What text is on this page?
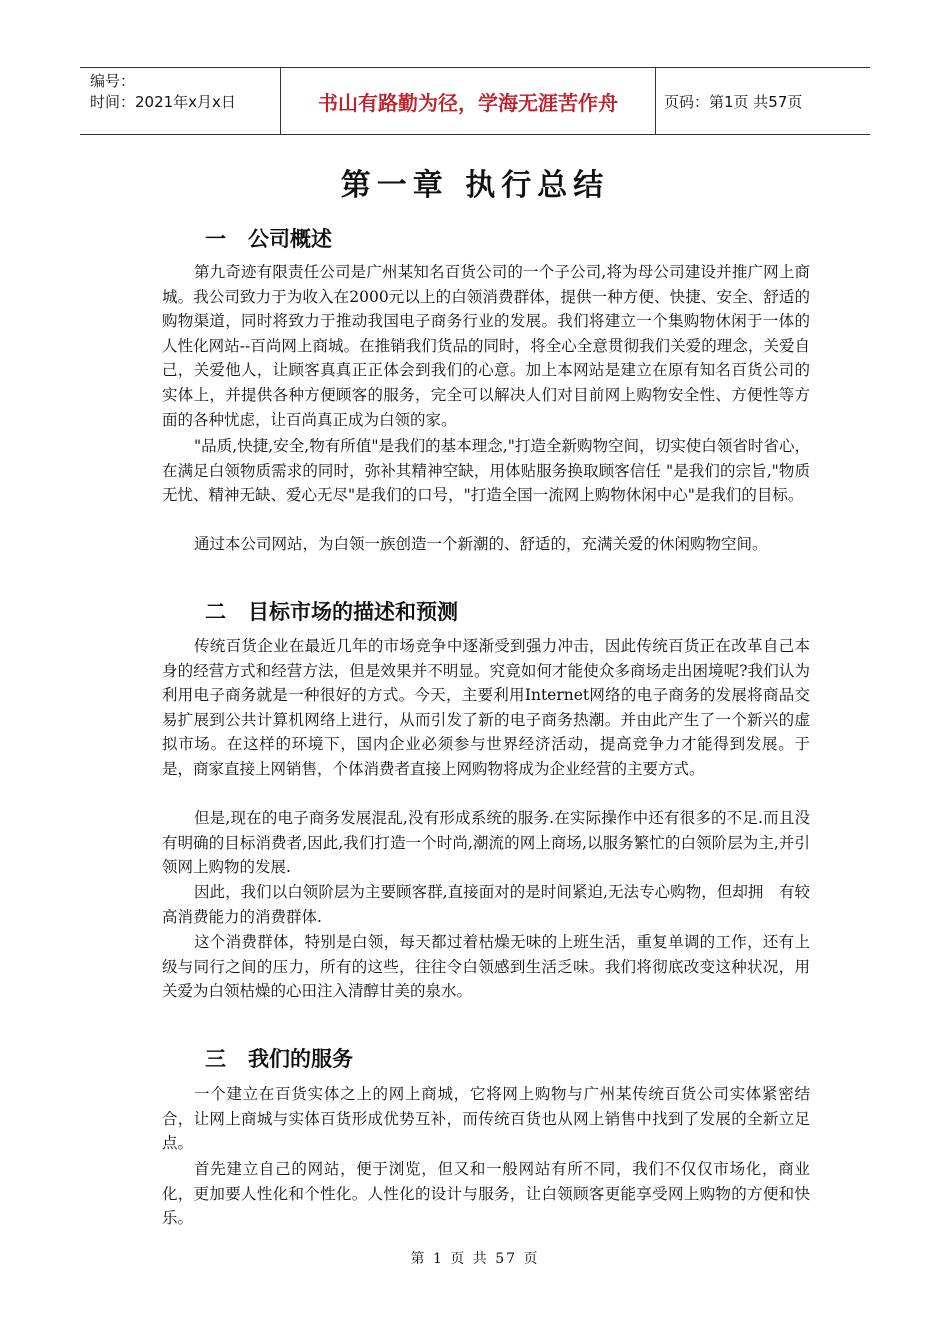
编号：
时间：2021年x月x日	书山有路勤为径，学海无涯苦作舟	页码：第1页 共57页
第一章 执行总结
一 公司概述

第九奇迹有限责任公司是广州某知名百货公司的一个子公司,将为母公司建设并推广网上商城。我公司致力于为收入在2000元以上的白领消费群体，提供一种方便、快捷、安全、舒适的购物渠道，同时将致力于推动我国电子商务行业的发展。我们将建立一个集购物休闲于一体的人性化网站--百尚网上商城。在推销我们货品的同时，将全心全意贯彻我们关爱的理念，关爱自己，关爱他人，让顾客真真正正体会到我们的心意。加上本网站是建立在原有知名百货公司的实体上，并提供各种方便顾客的服务，完全可以解决人们对目前网上购物安全性、方便性等方面的各种忧虑，让百尚真正成为白领的家。

"品质,快捷,安全,物有所值"是我们的基本理念,"打造全新购物空间，切实使白领省时省心，在满足白领物质需求的同时，弥补其精神空缺，用体贴服务换取顾客信任 "是我们的宗旨,"物质无忧、精神无缺、爱心无尽"是我们的口号，"打造全国一流网上购物休闲中心"是我们的目标。

通过本公司网站，为白领一族创造一个新潮的、舒适的，充满关爱的休闲购物空间。

二 目标市场的描述和预测

传统百货企业在最近几年的市场竞争中逐渐受到强力冲击，因此传统百货正在改革自己本身的经营方式和经营方法，但是效果并不明显。究竟如何才能使众多商场走出困境呢?我们认为利用电子商务就是一种很好的方式。今天，主要利用Internet网络的电子商务的发展将商品交易扩展到公共计算机网络上进行，从而引发了新的电子商务热潮。并由此产生了一个新兴的虚拟市场。在这样的环境下，国内企业必须参与世界经济活动，提高竞争力才能得到发展。于是，商家直接上网销售，个体消费者直接上网购物将成为企业经营的主要方式。

但是,现在的电子商务发展混乱,没有形成系统的服务.在实际操作中还有很多的不足.而且没有明确的目标消费者,因此,我们打造一个时尚,潮流的网上商场,以服务繁忙的白领阶层为主,并引领网上购物的发展.

因此，我们以白领阶层为主要顾客群,直接面对的是时间紧迫,无法专心购物，但却拥　有较高消费能力的消费群体.

这个消费群体，特别是白领，每天都过着枯燥无味的上班生活，重复单调的工作，还有上级与同行之间的压力，所有的这些，往往令白领感到生活乏味。我们将彻底改变这种状况，用关爱为白领枯燥的心田注入清醇甘美的泉水。

三 我们的服务

一个建立在百货实体之上的网上商城，它将网上购物与广州某传统百货公司实体紧密结合，让网上商城与实体百货形成优势互补，而传统百货也从网上销售中找到了发展的全新立足点。

首先建立自己的网站，便于浏览，但又和一般网站有所不同，我们不仅仅市场化，商业化，更加要人性化和个性化。人性化的设计与服务，让白领顾客更能享受网上购物的方便和快乐。

第 1 页 共 57 页
